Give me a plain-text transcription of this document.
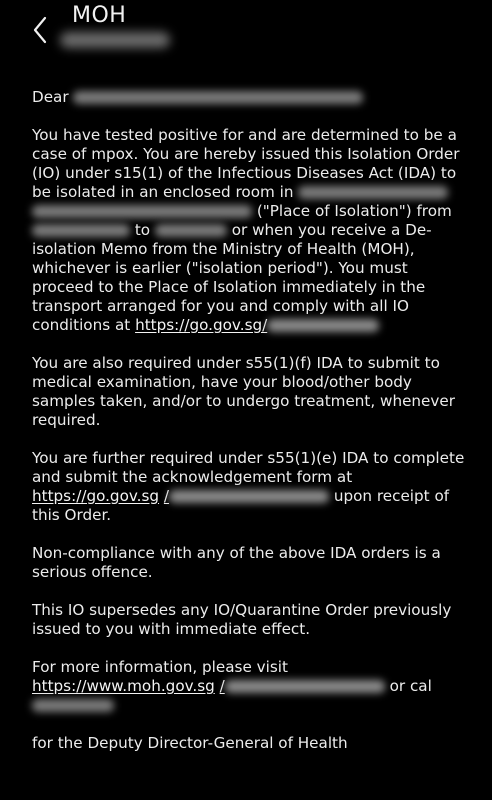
MOH

Dear

You have tested positive for and are determined to be a case of mpox. You are hereby issued this Isolation Order (IO) under s15(1) of the Infectious Diseases Act (IDA) to be isolated in an enclosed room in   ("Place of Isolation") from  to	or when you receive a De-isolation Memo from the Ministry of Health (MOH), whichever is earlier ("isolation period"). You must proceed to the Place of Isolation immediately in the transport arranged for you and comply with all IO conditions at https://go.gov.sg/

You are also required under s55(1)(f) IDA to submit to medical examination, have your blood/other body samples taken, and/or to undergo treatment, whenever required.

You are further required under s55(1)(e) IDA to complete and submit the acknowledgement form at https://go.gov.sg /	upon receipt of this Order.

Non-compliance with any of the above IDA orders is a serious offence.

This IO supersedes any IO/Quarantine Order previously issued to you with immediate effect.

For more information, please visit https://www.moh.gov.sg /	or cal

for the Deputy Director-General of Health
